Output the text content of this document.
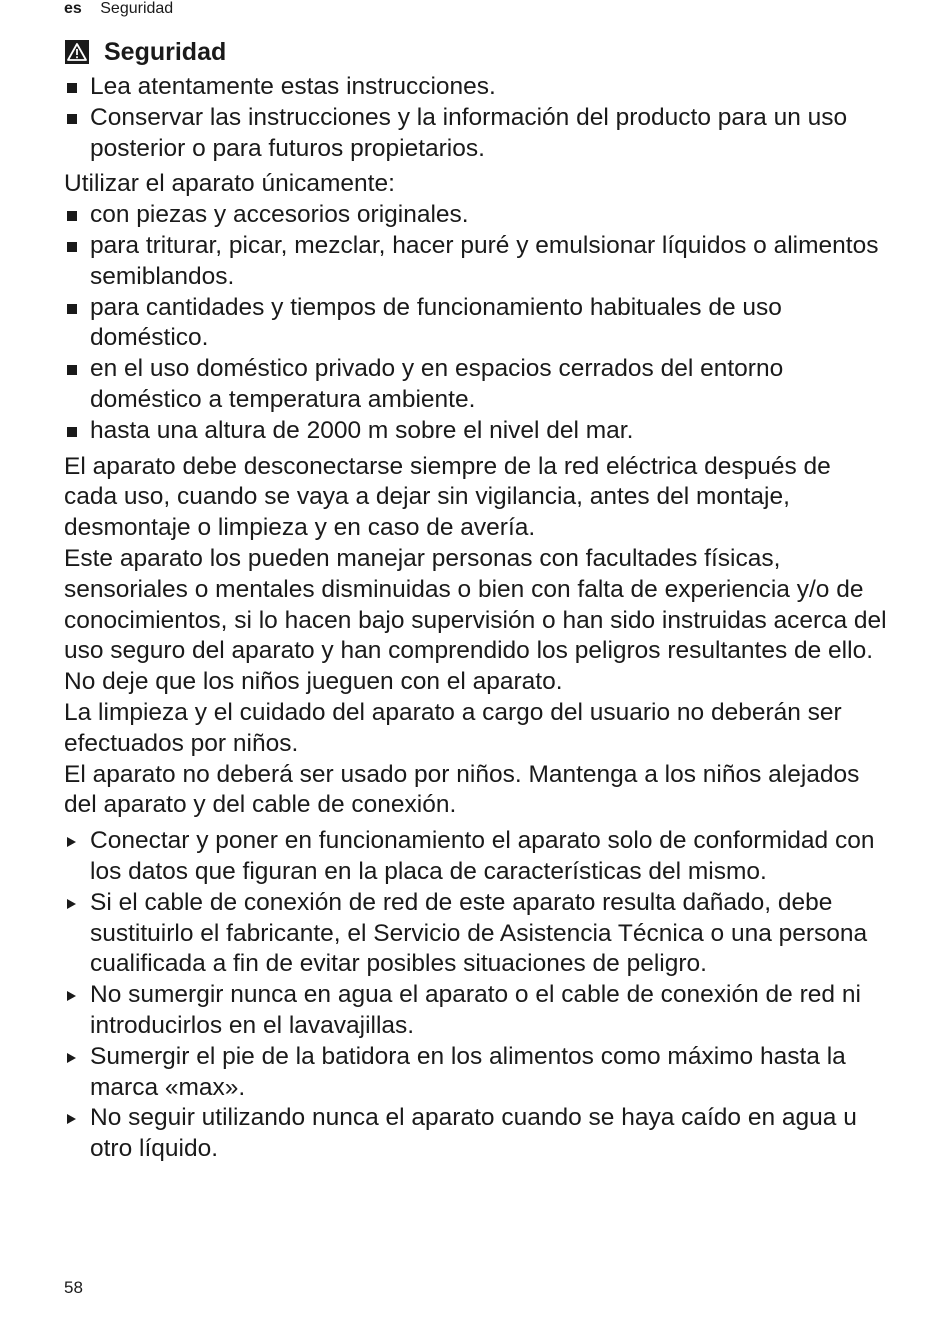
es Seguridad
Seguridad
Lea atentamente estas instrucciones.
Conservar las instrucciones y la información del producto para un uso posterior o para futuros propietarios.

Utilizar el aparato únicamente:

con piezas y accesorios originales.
para triturar, picar, mezclar, hacer puré y emulsionar líquidos o alimentos semiblandos.
para cantidades y tiempos de funcionamiento habituales de uso doméstico.
en el uso doméstico privado y en espacios cerrados del entorno doméstico a temperatura ambiente.
hasta una altura de 2000 m sobre el nivel del mar.

El aparato debe desconectarse siempre de la red eléctrica después de cada uso, cuando se vaya a dejar sin vigilancia, antes del montaje, desmontaje o limpieza y en caso de avería.

Este aparato los pueden manejar personas con facultades físicas, sensoriales o mentales disminuidas o bien con falta de experiencia y/o de conocimientos, si lo hacen bajo supervisión o han sido instruidas acerca del uso seguro del aparato y han comprendido los peligros resultantes de ello.

No deje que los niños jueguen con el aparato.

La limpieza y el cuidado del aparato a cargo del usuario no deberán ser efectuados por niños.

El aparato no deberá ser usado por niños. Mantenga a los niños alejados del aparato y del cable de conexión.

Conectar y poner en funcionamiento el aparato solo de conformidad con los datos que figuran en la placa de características del mismo.
Si el cable de conexión de red de este aparato resulta dañado, debe sustituirlo el fabricante, el Servicio de Asistencia Técnica o una persona cualificada a fin de evitar posibles situaciones de peligro.
No sumergir nunca en agua el aparato o el cable de conexión de red ni introducirlos en el lavavajillas.
Sumergir el pie de la batidora en los alimentos como máximo hasta la marca «max».
No seguir utilizando nunca el aparato cuando se haya caído en agua u otro líquido.
58
